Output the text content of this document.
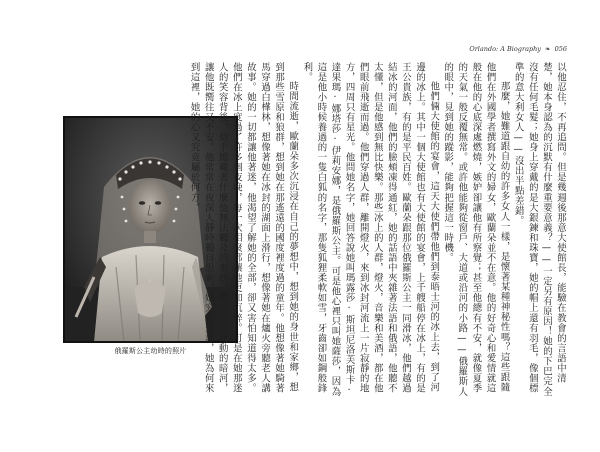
俄羅斯公主幼時的照片
Orlando: A Biography ❧ 056

以他忍住，不再追問。但是幾週後那意大使館長，能驗在教會的言語中清楚，她本身認為的沉默有什麼重要意義？——一定另有原因！她的下巴完全沒有任何毛髮；她身上穿戴的是大銀鍊和珠寶，她的帽上還有羽毛，像個標準的意大利女人——沒出半點差錯。

那麼，她難道跟自幼的許多女人一樣，是懷著某種神秘性嗎？這些跟隨他們在外國學者撰寫外文的婦女，歐蘭朵並不在意。他的好奇心和愛情就這般在他的心底深處燃燒，嫉妒卻讓他有所察覺；甚至他總有不安，就像夏季的天氣一般反覆無常。或許他能夠從窗戶、大道或沿河的小路——俄羅斯人的眼中，見到她的蹤影，能夠把握這一時機。

他們倆大使館的宴會，這天大使們帶他們到泰晤士河的冰上去，到了河邊的冰上。其中一個大使館也有大使館的宴會，上千艘船停在冰上，有的是王公貴族，有的是平民百姓。歐蘭朵跟那位俄羅斯公主一同滑冰，他們越過結冰的河面，他們的臉頰凍得通紅，她的話語中夾雜著法語和俄語，他聽不太懂，但是他感到無比快樂。那些冰上的人群，燈火，音樂和美酒，都在他們眼前飛逝而過。他們穿過人群，離開燈火，來到冰封河流上一片寂靜的地方，四周只有星光。他問她名字，她回答說她叫瑪露莎·斯坦尼洛芙斯卡·達果瑪·娜塔莎·伊莉安娜，是俄羅斯公主。可是他心裡只叫她薩莎，因為這是他小時候養過的一隻白狐的名字，那隻狐狸柔軟如雪，牙齒卻如鋼般鋒利。

時間流逝，歐蘭朵多次沉浸在自己的夢想中，想到她的身世和家鄉，想到那些雪原和狼群，想到她在那遙遠的國度裡度過的童年。他想像著她騎著馬穿過白樺林，想像著她在冰封的湖面上滑行，想像著她在爐火旁聽老人講故事。她的一切都讓他著迷，他渴望了解她的全部，卻又害怕知道得太多。他們在冰上度過了許多個夜晚，每一次相聚都讓他更加沉醉。可是在她那迷人的笑容背後，似乎總藏著什麼他無法觸及的東西，像冰層下流動的暗河，讓他既嚮往又不安。他常常在夜深人靜時獨自思索，她究竟是誰，她為何來到這裡，她的心又究竟屬於何方。
